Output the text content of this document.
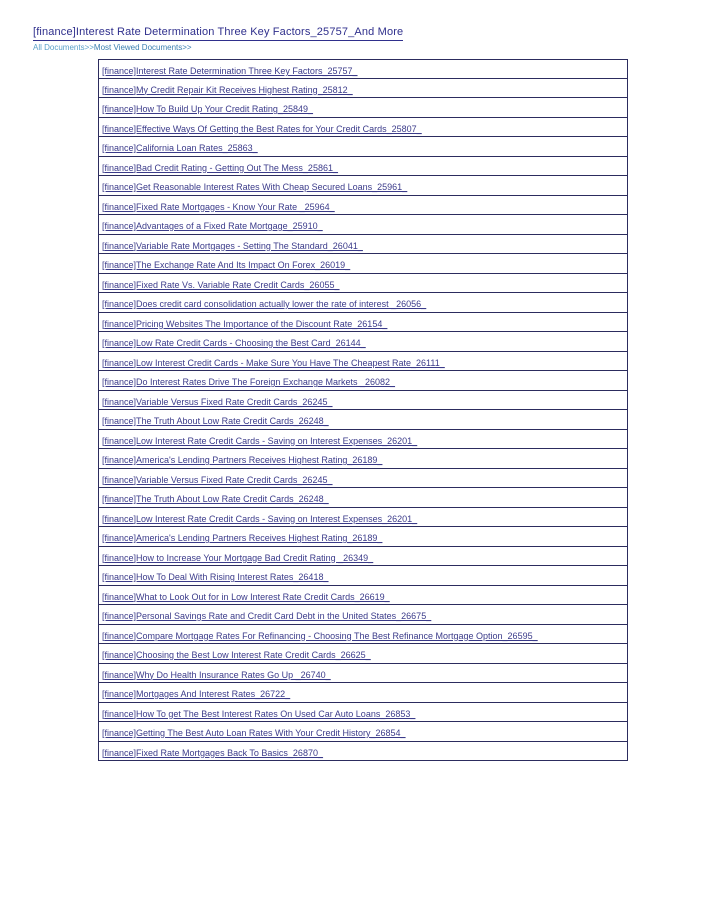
[finance]Interest Rate Determination Three Key Factors_25757_And More
All Documents>>Most Viewed Documents>>
[finance]Interest Rate Determination Three Key Factors_25757_
[finance]My Credit Repair Kit Receives Highest Rating_25812_
[finance]How To Build Up Your Credit Rating_25849_
[finance]Effective Ways Of Getting the Best Rates for Your Credit Cards_25807_
[finance]California Loan Rates_25863_
[finance]Bad Credit Rating - Getting Out The Mess_25861_
[finance]Get Reasonable Interest Rates With Cheap Secured Loans_25961_
[finance]Fixed Rate Mortgages - Know Your Rate _25964_
[finance]Advantages of a Fixed Rate Mortgage_25910_
[finance]Variable Rate Mortgages - Setting The Standard_26041_
[finance]The Exchange Rate And Its Impact On Forex_26019_
[finance]Fixed Rate Vs. Variable Rate Credit Cards_26055_
[finance]Does credit card consolidation actually lower the rate of interest _26056_
[finance]Pricing Websites The Importance of the Discount Rate_26154_
[finance]Low Rate Credit Cards - Choosing the Best Card_26144_
[finance]Low Interest Credit Cards - Make Sure You Have The Cheapest Rate_26111_
[finance]Do Interest Rates Drive The Foreign Exchange Markets _26082_
[finance]Variable Versus Fixed Rate Credit Cards_26245_
[finance]The Truth About Low Rate Credit Cards_26248_
[finance]Low Interest Rate Credit Cards - Saving on Interest Expenses_26201_
[finance]America's Lending Partners Receives Highest Rating_26189_
[finance]Variable Versus Fixed Rate Credit Cards_26245_
[finance]The Truth About Low Rate Credit Cards_26248_
[finance]Low Interest Rate Credit Cards - Saving on Interest Expenses_26201_
[finance]America's Lending Partners Receives Highest Rating_26189_
[finance]How to Increase Your Mortgage Bad Credit Rating _26349_
[finance]How To Deal With Rising Interest Rates_26418_
[finance]What to Look Out for in Low Interest Rate Credit Cards_26619_
[finance]Personal Savings Rate and Credit Card Debt in the United States_26675_
[finance]Compare Mortgage Rates For Refinancing - Choosing The Best Refinance Mortgage Option_26595_
[finance]Choosing the Best Low Interest Rate Credit Cards_26625_
[finance]Why Do Health Insurance Rates Go Up _26740_
[finance]Mortgages And Interest Rates_26722_
[finance]How To get The Best Interest Rates On Used Car Auto Loans_26853_
[finance]Getting The Best Auto Loan Rates With Your Credit History_26854_
[finance]Fixed Rate Mortgages Back To Basics_26870_
